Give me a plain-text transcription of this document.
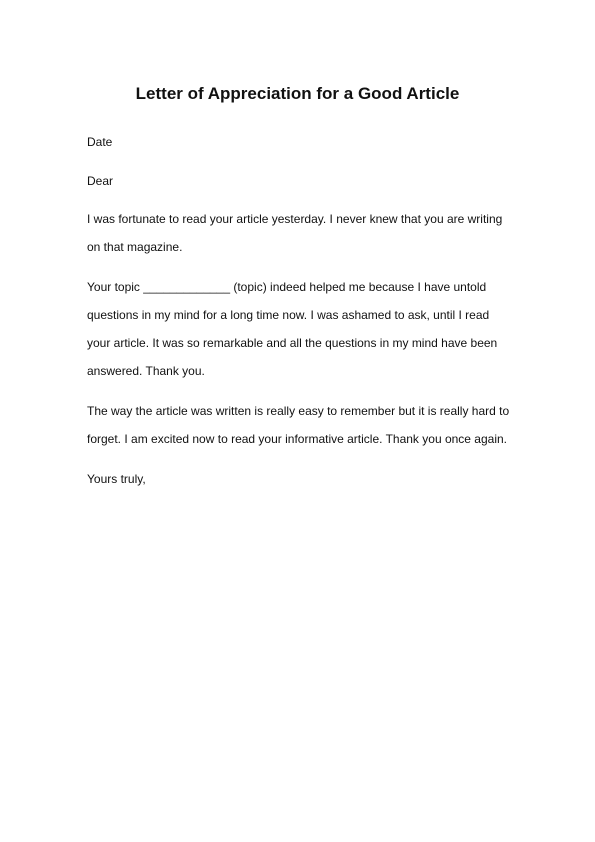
Letter of Appreciation for a Good Article

Date

Dear

I was fortunate to read your article yesterday. I never knew that you are writing
on that magazine.

Your topic _____________ (topic) indeed helped me because I have untold
questions in my mind for a long time now. I was ashamed to ask, until I read
your article. It was so remarkable and all the questions in my mind have been
answered. Thank you.

The way the article was written is really easy to remember but it is really hard to
forget. I am excited now to read your informative article. Thank you once again.

Yours truly,
